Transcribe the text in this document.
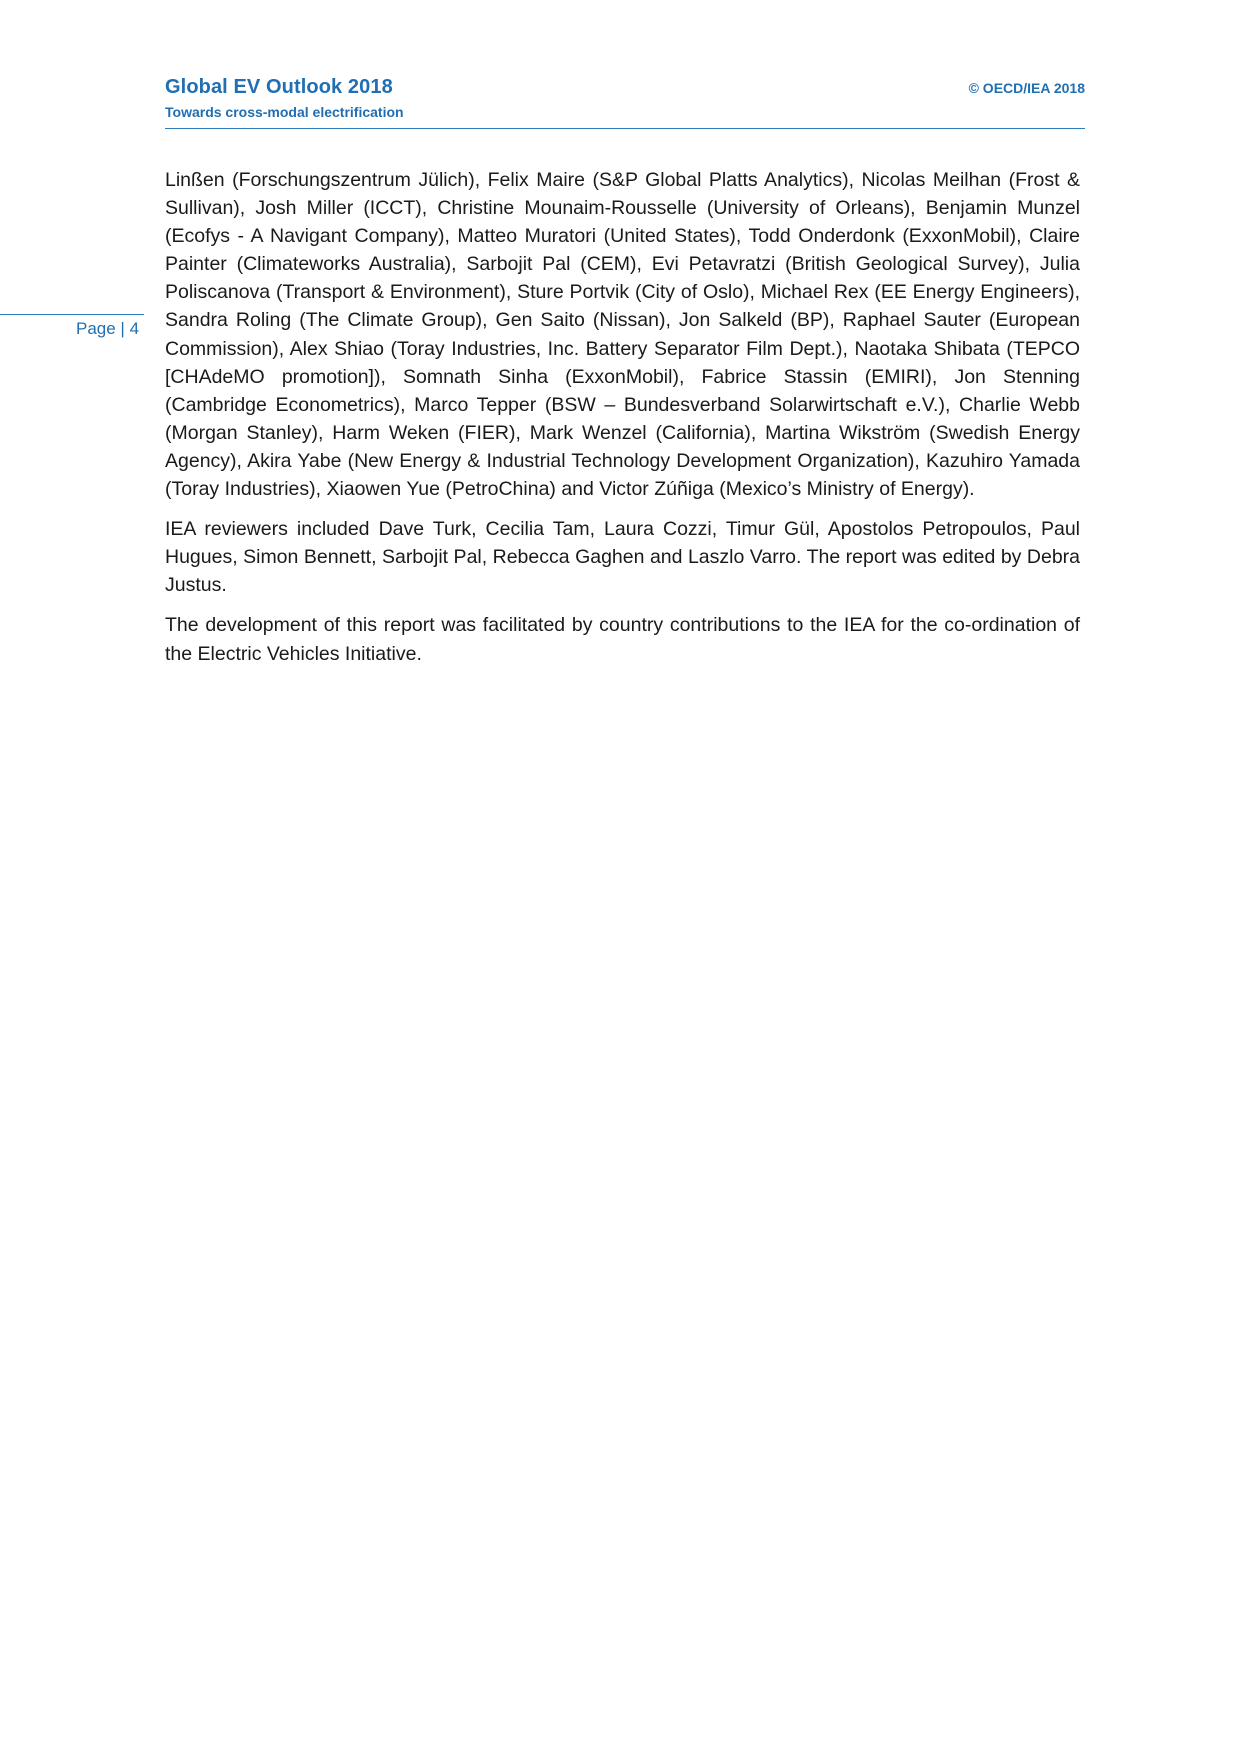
Global EV Outlook 2018
Towards cross-modal electrification
© OECD/IEA 2018
Page | 4

Linßen (Forschungszentrum Jülich), Felix Maire (S&P Global Platts Analytics), Nicolas Meilhan (Frost & Sullivan), Josh Miller (ICCT), Christine Mounaim-Rousselle (University of Orleans), Benjamin Munzel (Ecofys - A Navigant Company), Matteo Muratori (United States), Todd Onderdonk (ExxonMobil), Claire Painter (Climateworks Australia), Sarbojit Pal (CEM), Evi Petavratzi (British Geological Survey), Julia Poliscanova (Transport & Environment), Sture Portvik (City of Oslo), Michael Rex (EE Energy Engineers), Sandra Roling (The Climate Group), Gen Saito (Nissan), Jon Salkeld (BP), Raphael Sauter (European Commission), Alex Shiao (Toray Industries, Inc. Battery Separator Film Dept.), Naotaka Shibata (TEPCO [CHAdeMO promotion]), Somnath Sinha (ExxonMobil), Fabrice Stassin (EMIRI), Jon Stenning (Cambridge Econometrics), Marco Tepper (BSW – Bundesverband Solarwirtschaft e.V.), Charlie Webb (Morgan Stanley), Harm Weken (FIER), Mark Wenzel (California), Martina Wikström (Swedish Energy Agency), Akira Yabe (New Energy & Industrial Technology Development Organization), Kazuhiro Yamada (Toray Industries), Xiaowen Yue (PetroChina) and Victor Zúñiga (Mexico’s Ministry of Energy).

IEA reviewers included Dave Turk, Cecilia Tam, Laura Cozzi, Timur Gül, Apostolos Petropoulos, Paul Hugues, Simon Bennett, Sarbojit Pal, Rebecca Gaghen and Laszlo Varro. The report was edited by Debra Justus.

The development of this report was facilitated by country contributions to the IEA for the co-ordination of the Electric Vehicles Initiative.
